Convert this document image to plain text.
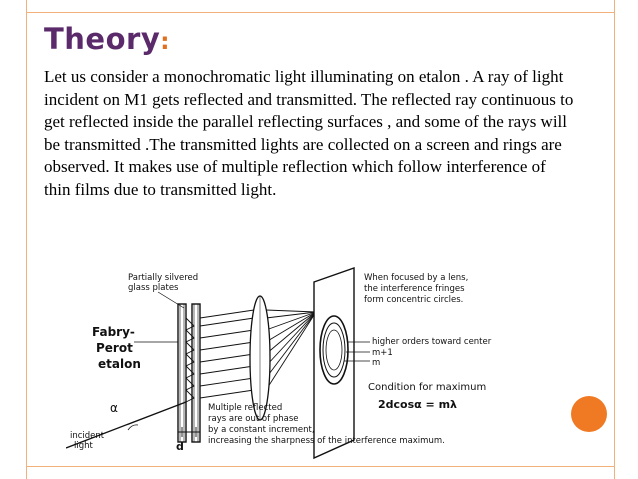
Theory:
Let us consider a monochromatic light illuminating on etalon . A ray of light incident on M1 gets reflected and transmitted. The reflected ray continuous to get reflected inside the parallel reflecting surfaces , and some of the rays will be transmitted .The transmitted lights are collected on a screen and rings are observed. It makes use of multiple reflection which follow interference of thin films due to transmitted light.
Partially silvered
glass plates
Fabry-
Perot
etalon
α
incident
light	d
When focused by a lens,
the interference fringes
form concentric circles.
higher orders toward center
m+1
m
Condition for maximum
2dcosα = mλ
Multiple reflected
rays are out of phase
by a constant increment,
increasing the sharpness of the interference maximum.
